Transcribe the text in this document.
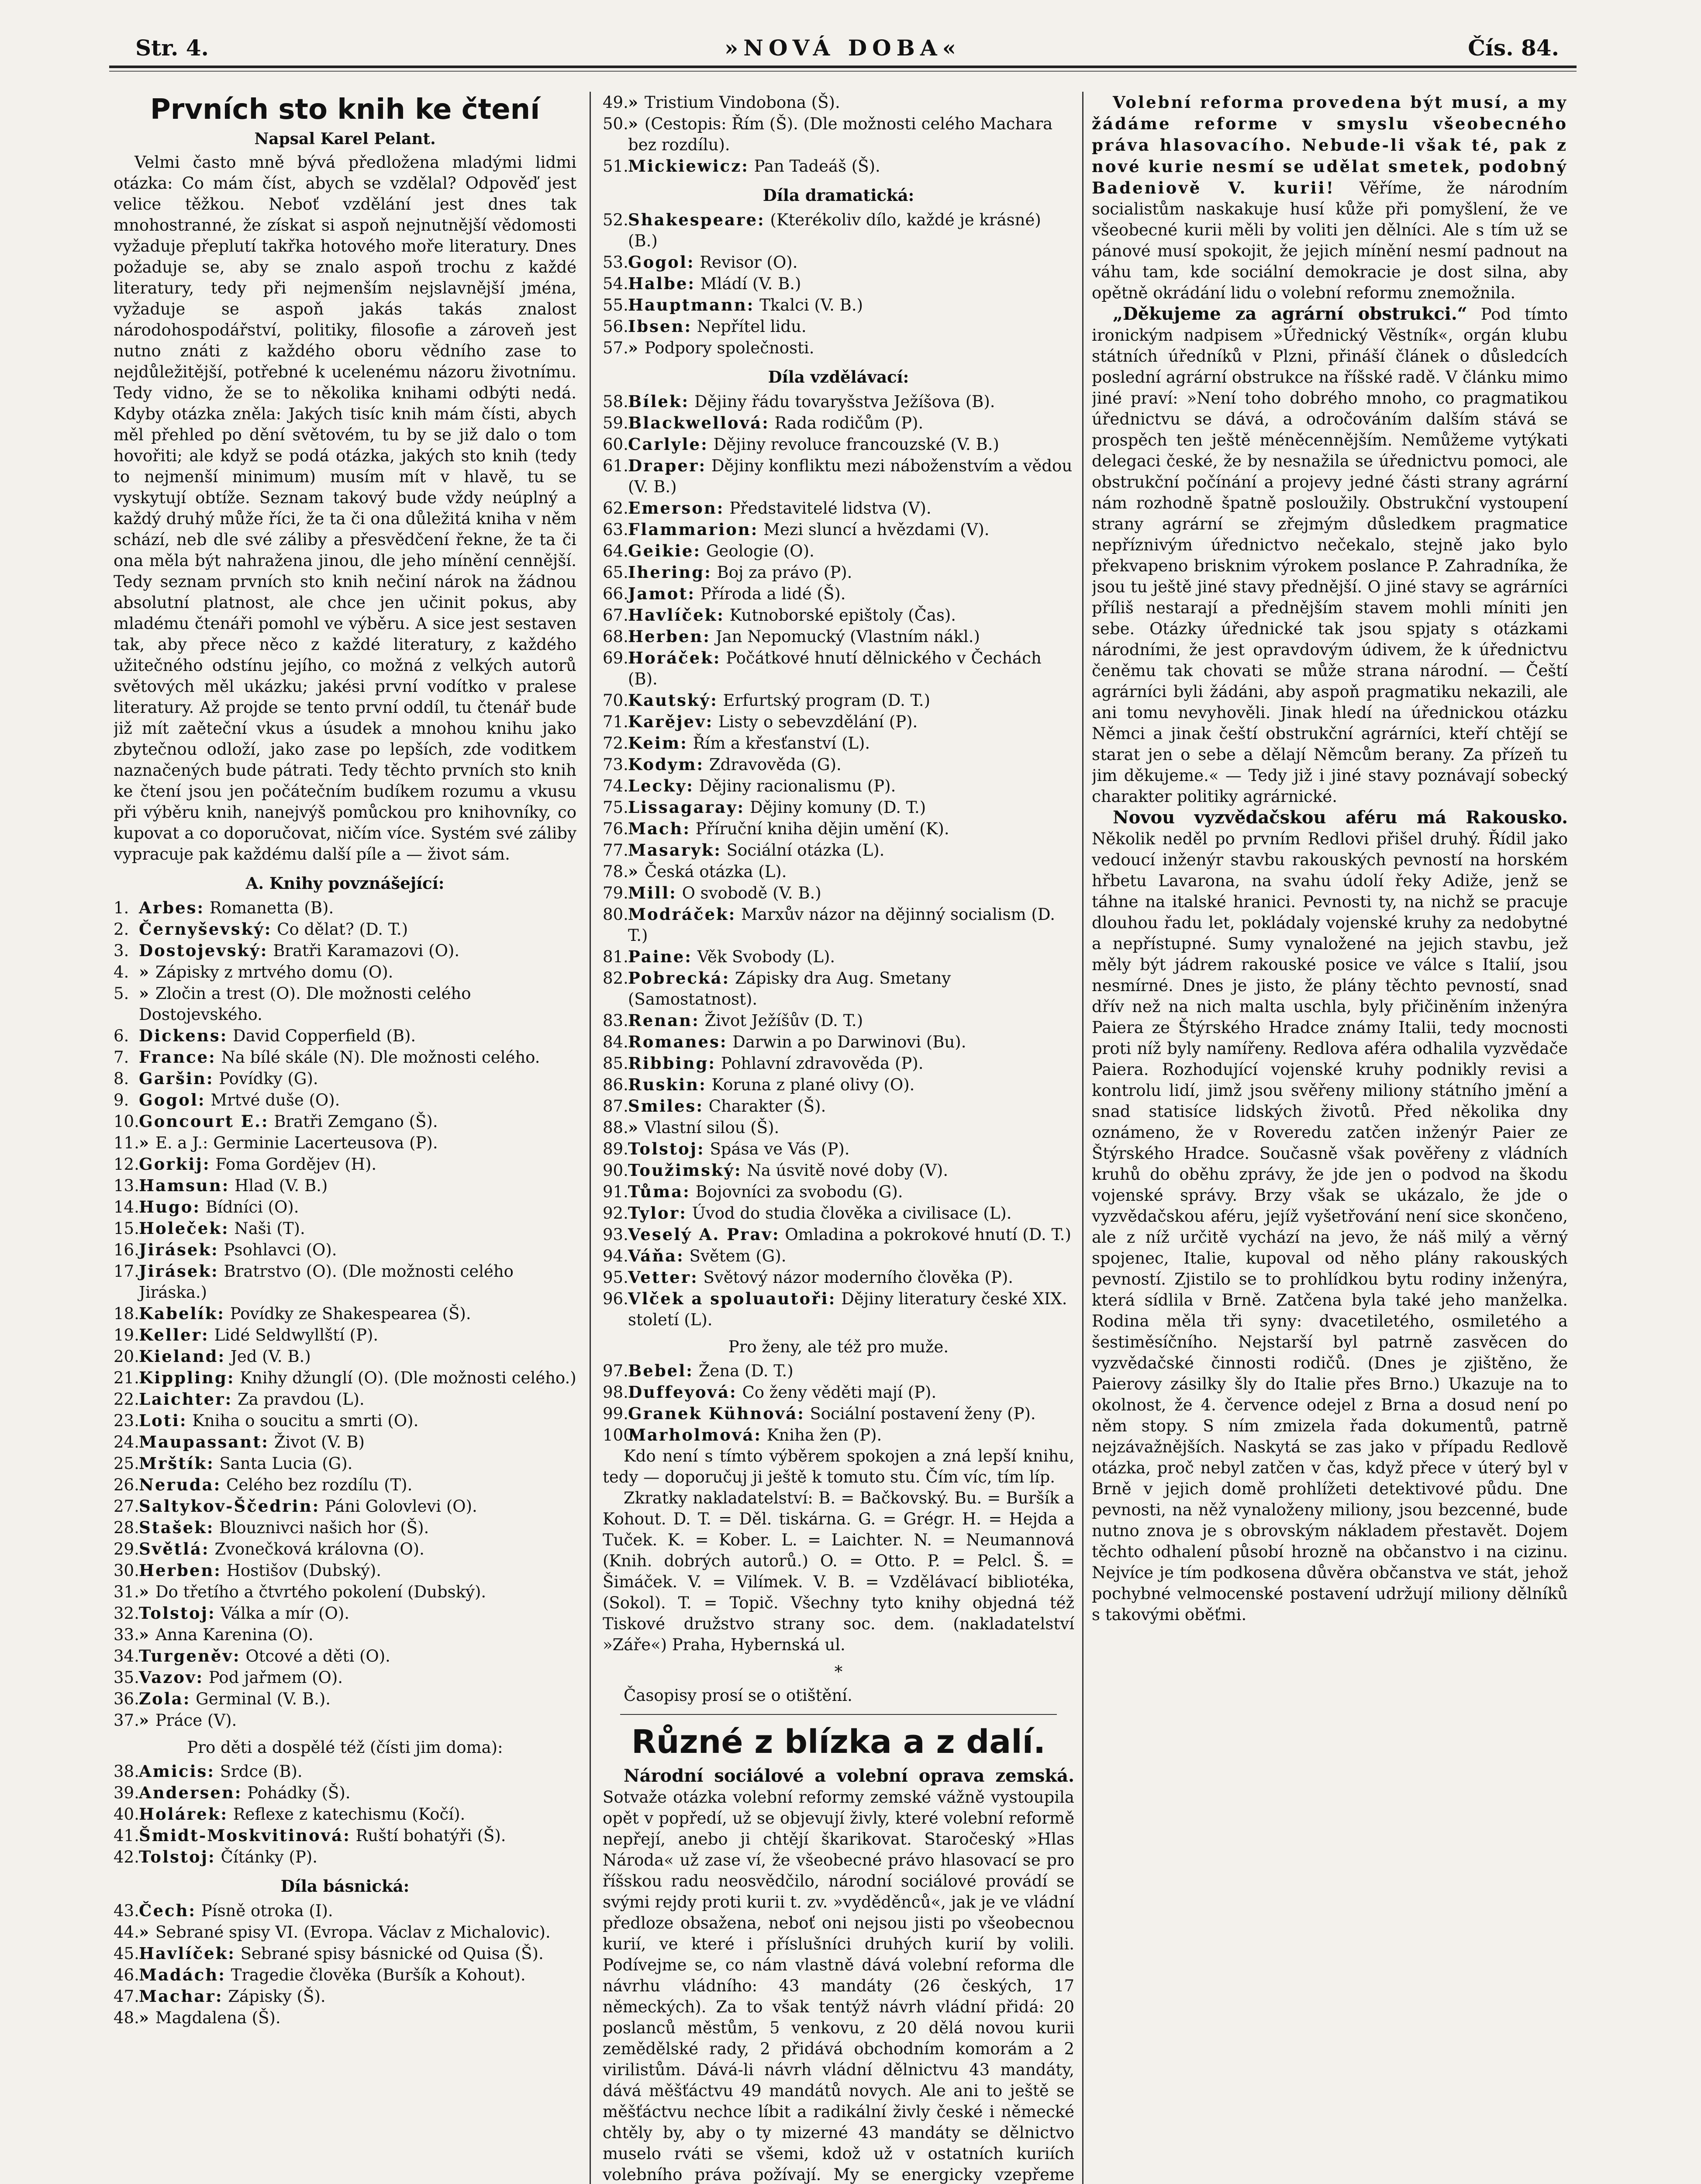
Str. 4.	»NOVÁ DOBA«	Čís. 84.
Prvních sto knih ke čtení
Napsal Karel Pelant.

Velmi často mně bývá předložena mladými lidmi otázka: Co mám číst, abych se vzdělal? Odpověď jest velice těžkou. Neboť vzdělání jest dnes tak mnohostranné, že získat si aspoň nejnutnější vědomosti vyžaduje přeplutí takřka hotového moře literatury. Dnes požaduje se, aby se znalo aspoň trochu z každé literatury, tedy při nejmenším nejslavnější jména, vyžaduje se aspoň jakás takás znalost národohospodářství, politiky, filosofie a zároveň jest nutno znáti z každého oboru vědního zase to nejdůležitější, potřebné k ucelenému názoru životnímu. Tedy vidno, že se to několika knihami odbýti nedá. Kdyby otázka zněla: Jakých tisíc knih mám čísti, abych měl přehled po dění světovém, tu by se již dalo o tom hovořiti; ale když se podá otázka, jakých sto knih (tedy to nejmenší minimum) musím mít v hlavě, tu se vyskytují obtíže. Seznam takový bude vždy neúplný a každý druhý může říci, že ta či ona důležitá kniha v něm schází, neb dle své záliby a přesvědčení řekne, že ta či ona měla být nahražena jinou, dle jeho mínění cennější. Tedy seznam prvních sto knih nečiní nárok na žádnou absolutní platnost, ale chce jen učinit pokus, aby mladému čtenáři pomohl ve výběru. A sice jest sestaven tak, aby přece něco z každé literatury, z každého užitečného odstínu jejího, co možná z velkých autorů světových měl ukázku; jakési první vodítko v pralese literatury. Až projde se tento první oddíl, tu čtenář bude již mít zaěteční vkus a úsudek a mnohou knihu jako zbytečnou odloží, jako zase po lepších, zde voditkem naznačených bude pátrati. Tedy těchto prvních sto knih ke čtení jsou jen počátečním budíkem rozumu a vkusu při výběru knih, nanejvýš pomůckou pro knihovníky, co kupovat a co doporučovat, ničím více. Systém své záliby vypracuje pak každému další píle a — život sám.

A. Knihy povznášející:
1. Arbes: Romanetta (B).
2. Černyševský: Co dělat? (D. T.)
3. Dostojevský: Bratři Karamazovi (O).
4. » Zápisky z mrtvého domu (O).
5. » Zločin a trest (O). Dle možnosti celého Dostojevského.
6. Dickens: David Copperfield (B).
7. France: Na bílé skále (N). Dle možnosti celého.
8. Garšin: Povídky (G).
9. Gogol: Mrtvé duše (O).
10.Goncourt E.: Bratři Zemgano (Š).
11.» E. a J.: Germinie Lacerteusova (P).
12.Gorkij: Foma Gordějev (H).
13.Hamsun: Hlad (V. B.)
14.Hugo: Bídníci (O).
15.Holeček: Naši (T).
16.Jirásek: Psohlavci (O).
17.Jirásek: Bratrstvo (O). (Dle možnosti celého Jiráska.)
18.Kabelík: Povídky ze Shakespeareа (Š).
19.Keller: Lidé Seldwyllští (P).
20.Kieland: Jed (V. B.)
21.Kippling: Knihy džunglí (O). (Dle možnosti celého.)
22.Laichter: Za pravdou (L).
23.Loti: Kniha o soucitu a smrti (O).
24.Maupassant: Život (V. B)
25.Mrštík: Santa Lucia (G).
26.Neruda: Celého bez rozdílu (T).
27.Saltykov-Ščedrin: Páni Golovlevi (O).
28.Stašek: Blouznivci našich hor (Š).
29.Světlá: Zvonečková královna (O).
30.Herben: Hostišov (Dubský).
31.» Do třetího a čtvrtého pokolení (Dubský).
32.Tolstoj: Válka a mír (O).
33.» Anna Karenina (O).
34.Turgeněv: Otcové a děti (O).
35.Vazov: Pod jařmem (O).
36.Zola: Germinal (V. B.).
37.» Práce (V).
Pro děti a dospělé též (čísti jim doma):
38.Amicis: Srdce (B).
39.Andersen: Pohádky (Š).
40.Holárek: Reflexe z katechismu (Kočí).
41.Šmidt-Moskvitinová: Ruští bohatýři (Š).
42.Tolstoj: Čítánky (P).
Díla básnická:
43.Čech: Písně otroka (I).
44.» Sebrané spisy VI. (Evropa. Václav z Michalovic).
45.Havlíček: Sebrané spisy básnické od Quisa (Š).
46.Madách: Tragedie člověka (Buršík a Kohout).
47.Machar: Zápisky (Š).
48.» Magdalena (Š).
49.» Tristium Vindobona (Š).
50.» (Cestopis: Řím (Š). (Dle možnosti celého Machara bez rozdílu).
51.Mickiewicz: Pan Tadeáš (Š).
Díla dramatická:
52.Shakespeare: (Kterékoliv dílo, každé je krásné) (B.)
53.Gogol: Revisor (O).
54.Halbe: Mládí (V. B.)
55.Hauptmann: Tkalci (V. B.)
56.Ibsen: Nepřítel lidu.
57.» Podpory společnosti.
Díla vzdělávací:
58.Bílek: Dějiny řádu tovaryšstva Ježíšova (B).
59.Blackwellová: Rada rodičům (P).
60.Carlyle: Dějiny revoluce francouzské (V. B.)
61.Draper: Dějiny konfliktu mezi náboženstvím a vědou (V. B.)
62.Emerson: Představitelé lidstva (V).
63.Flammarion: Mezi sluncí a hvězdami (V).
64.Geikie: Geologie (O).
65.Ihering: Boj za právo (P).
66.Jamot: Příroda a lidé (Š).
67.Havlíček: Kutnoborské epištoly (Čas).
68.Herben: Jan Nepomucký (Vlastním nákl.)
69.Horáček: Počátkové hnutí dělnického v Čechách (B).
70.Kautský: Erfurtský program (D. T.)
71.Karějev: Listy o sebevzdělání (P).
72.Keim: Řím a křesťanství (L).
73.Kodym: Zdravověda (G).
74.Lecky: Dějiny racionalismu (P).
75.Lissagaray: Dějiny komuny (D. T.)
76.Mach: Příruční kniha dějin umění (K).
77.Masaryk: Sociální otázka (L).
78.» Česká otázka (L).
79.Mill: O svobodě (V. B.)
80.Modráček: Marxův názor na dějinný socialism (D. T.)
81.Paine: Věk Svobody (L).
82.Pobrecká: Zápisky dra Aug. Smetany (Samostatnost).
83.Renan: Život Ježíšův (D. T.)
84.Romanes: Darwin a po Darwinovi (Bu).
85.Ribbing: Pohlavní zdravověda (P).
86.Ruskin: Koruna z plané olivy (O).
87.Smiles: Charakter (Š).
88.» Vlastní silou (Š).
89.Tolstoj: Spása ve Vás (P).
90.Toužimský: Na úsvitě nové doby (V).
91.Tůma: Bojovníci za svobodu (G).
92.Tylor: Úvod do studia člověka a civilisace (L).
93.Veselý A. Prav: Omladina a pokrokové hnutí (D. T.)
94.Váňa: Světem (G).
95.Vetter: Světový názor moderního člověka (P).
96.Vlček a spoluautoři: Dějiny literatury české XIX. století (L).
Pro ženy, ale též pro muže.
97.Bebel: Žena (D. T.)
98.Duffeyová: Co ženy věděti mají (P).
99.Granek Kühnová: Sociální postavení ženy (P).
100.Marholmová: Kniha žen (P).

Kdo není s tímto výběrem spokojen a zná lepší knihu, tedy — doporučuj ji ještě k tomuto stu. Čím víc, tím líp.

Zkratky nakladatelství: B. = Bačkovský. Bu. = Buršík a Kohout. D. T. = Děl. tiskárna. G. = Grégr. H. = Hejda a Tuček. K. = Kober. L. = Laichter. N. = Neumannová (Knih. dobrých autorů.) O. = Otto. P. = Pelcl. Š. = Šimáček. V. = Vilímek. V. B. = Vzdělávací bibliotéka, (Sokol). T. = Topič. Všechny tyto knihy objedná též Tiskové družstvo strany soc. dem. (nakladatelství »Záře«) Praha, Hybernská ul.

*

Časopisy prosí se o otištění.

Různé z blízka a z dalí.

Národní sociálové a volební oprava zemská. Sotvaže otázka volební reformy zemské vážně vystoupila opět v popředí, už se objevují živly, které volební reformě nepřejí, anebo ji chtějí škarikovat. Staročeský »Hlas Národa« už zase ví, že všeobecné právo hlasovací se pro říšskou radu neosvědčilo, národní sociálové provádí se svými rejdy proti kurii t. zv. »vyděděnců«, jak je ve vládní předloze obsažena, neboť oni nejsou jisti po všeobecnou kurií, ve které i příslušníci druhých kurií by volili. Podívejme se, co nám vlastně dává volební reforma dle návrhu vládního: 43 mandáty (26 českých, 17 německých). Za to však tentýž návrh vládní přidá: 20 poslanců městům, 5 venkovu, z 20 dělá novou kurii zemědělské rady, 2 přidává obchodním komorám a 2 virilistům. Dává-li návrh vládní dělnictvu 43 mandáty, dává měšťáctvu 49 mandátů novych. Ale ani to ještě se měšťáctvu nechce líbit a radikální živly české i německé chtěly by, aby o ty mizerné 43 mandáty se dělnictvo muselo rváti se všemi, kdož už v ostatních kuriích volebního práva požívají. My se energicky vzepřeme

Volební reforma provedena být musí, a my žádáme reforme v smyslu všeobecného práva hlasovacího. Nebude-li však té, pak z nové kurie nesmí se udělat smetek, podobný Badeniově V. kurii! Věříme, že národním socialistům naskakuje husí kůže při pomyšlení, že ve všeobecné kurii měli by voliti jen dělníci. Ale s tím už se pánové musí spokojit, že jejich mínění nesmí padnout na váhu tam, kde sociální demokracie je dost silna, aby opětně okrádání lidu o volební reformu znemožnila.

„Děkujeme za agrární obstrukci.“ Pod tímto ironickým nadpisem »Úřednický Věstník«, orgán klubu státních úředníků v Plzni, přináší článek o důsledcích poslední agrární obstrukce na říšské radě. V článku mimo jiné praví: »Není toho dobrého mnoho, co pragmatikou úřednictvu se dává, a odročováním dalším stává se prospěch ten ještě méněcennějším. Nemůžeme vytýkati delegaci české, že by nesnažila se úřednictvu pomoci, ale obstrukční počínání a projevy jedné části strany agrární nám rozhodně špatně posloužily. Obstrukční vystoupení strany agrární se zřejmým důsledkem pragmatice nepříznivým úřednictvo nečekalo, stejně jako bylo překvapeno brisknim výrokem poslance P. Zahradníka, že jsou tu ještě jiné stavy přednější. O jiné stavy se agrárníci příliš nestarají a přednějším stavem mohli míniti jen sebe. Otázky úřednické tak jsou spjaty s otázkami národními, že jest opravdovým údivem, že k úřednictvu čeněmu tak chovati se může strana národní. — Čeští agrárníci byli žádáni, aby aspoň pragmatiku nekazili, ale ani tomu nevyhověli. Jinak hledí na úřednickou otázku Němci a jinak čeští obstrukční agrárníci, kteří chtějí se starat jen o sebe a dělají Němcům berany. Za přízeň tu jim děkujeme.« — Tedy již i jiné stavy poznávají sobecký charakter politiky agrárnické.

Novou vyzvědačskou aféru má Rakousko. Několik neděl po prvním Redlovi přišel druhý. Řídil jako vedoucí inženýr stavbu rakouských pevností na horském hřbetu Lavarona, na svahu údolí řeky Adiže, jenž se táhne na italské hranici. Pevnosti ty, na nichž se pracuje dlouhou řadu let, pokládaly vojenské kruhy za nedobytné a nepřístupné. Sumy vynaložené na jejich stavbu, jež měly být jádrem rakouské posice ve válce s Italií, jsou nesmírné. Dnes je jisto, že plány těchto pevností, snad dřív než na nich malta uschla, byly přičiněním inženýra Paiera ze Štýrského Hradce známy Italii, tedy mocnosti proti níž byly namířeny. Redlova aféra odhalila vyzvědače Paiera. Rozhodující vojenské kruhy podnikly revisi a kontrolu lidí, jimž jsou svěřeny miliony státního jmění a snad statisíce lidských životů. Před několika dny oznámeno, že v Roveredu zatčen inženýr Paier ze Štýrského Hradce. Současně však pověřeny z vládních kruhů do oběhu zprávy, že jde jen o podvod na škodu vojenské správy. Brzy však se ukázalo, že jde o vyzvědačskou aféru, jejíž vyšetřování není sice skončeno, ale z níž určitě vychází na jevo, že náš milý a věrný spojenec, Italie, kupoval od něho plány rakouských pevností. Zjistilo se to prohlídkou bytu rodiny inženýra, která sídlila v Brně. Zatčena byla také jeho manželka. Rodina měla tři syny: dvacetiletého, osmiletého a šestiměsíčního. Nejstarší byl patrně zasvěcen do vyzvědačské činnosti rodičů. (Dnes je zjištěno, že Paierovy zásilky šly do Italie přes Brno.) Ukazuje na to okolnost, že 4. července odejel z Brna a dosud není po něm stopy. S ním zmizela řada dokumentů, patrně nejzávažnějších. Naskytá se zas jako v případu Redlově otázka, proč nebyl zatčen v čas, když přece v úterý byl v Brně v jejich domě prohlížeti detektivové půdu. Dne pevnosti, na něž vynaloženy miliony, jsou bezcenné, bude nutno znova je s obrovským nákladem přestavět. Dojem těchto odhalení působí hrozně na občanstvo i na cizinu. Nejvíce je tím podkosena důvěra občanstva ve stát, jehož pochybné velmocenské postavení udržují miliony dělníků s takovými oběťmi.
